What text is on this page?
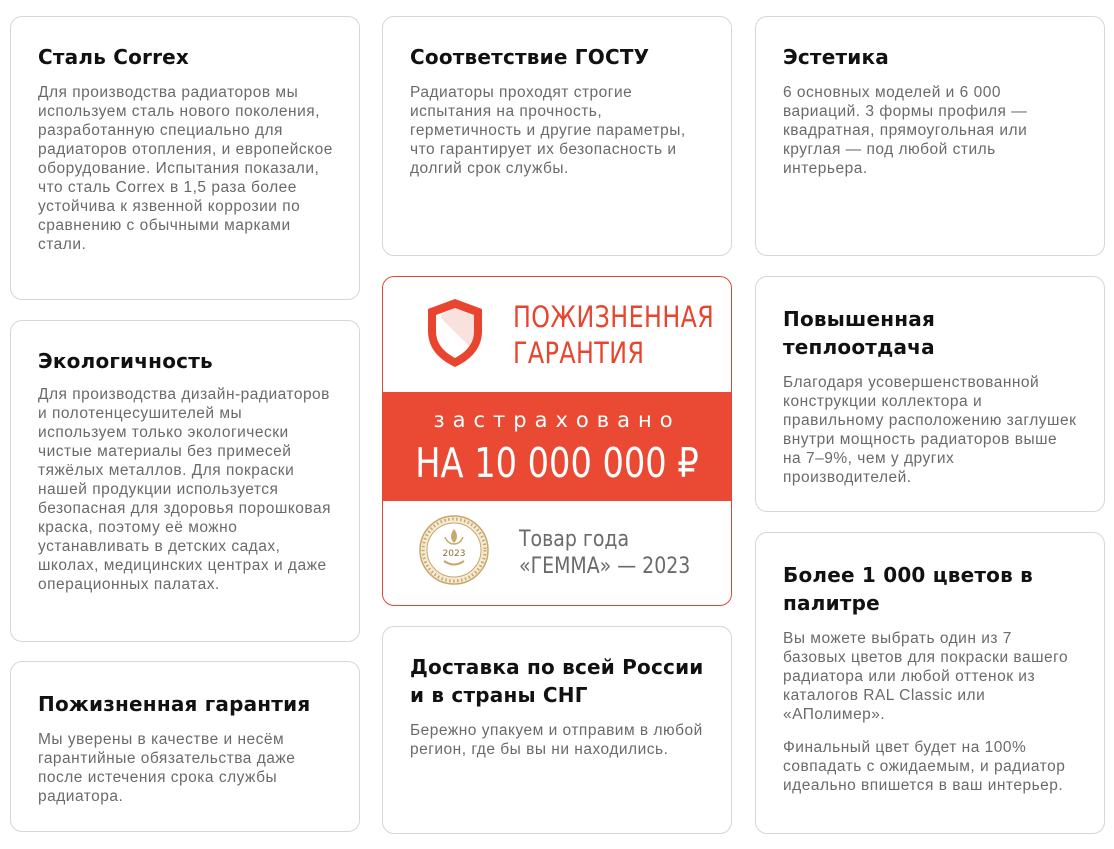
Сталь Correx

Для производства радиаторов мы используем сталь нового поколения, разработанную специально для радиаторов отопления, и европейское оборудование. Испытания показали, что сталь Correx в 1,5 раза более устойчива к язвенной коррозии по сравнению с обычными марками стали.

Соответствие ГОСТУ

Радиаторы проходят строгие испытания на прочность, герметичность и другие параметры, что гарантирует их безопасность и долгий срок службы.

Эстетика

6 основных моделей и 6 000 вариаций. 3 формы профиля — квадратная, прямоугольная или круглая — под любой стиль интерьера.

Экологичность

Для производства дизайн-радиаторов и полотенцесушителей мы используем только экологически чистые материалы без примесей тяжёлых металлов. Для покраски нашей продукции используется безопасная для здоровья порошковая краска, поэтому её можно устанавливать в детских садах, школах, медицинских центрах и даже операционных палатах.

ПОЖИЗНЕННАЯ
ГАРАНТИЯ
застраховано
НА 10 000 000 ₽
2023
Товар года
«ГЕММА» — 2023
Повышенная теплоотдача

Благодаря усовершенствованной конструкции коллектора и правильному расположению заглушек внутри мощность радиаторов выше на 7–9%, чем у других производителей.

Пожизненная гарантия

Мы уверены в качестве и несём гарантийные обязательства даже после истечения срока службы радиатора.

Доставка по всей России и в страны СНГ

Бережно упакуем и отправим в любой регион, где бы вы ни находились.

Более 1 000 цветов в палитре

Вы можете выбрать один из 7 базовых цветов для покраски вашего радиатора или любой оттенок из каталогов RAL Classic или «АПолимер».

Финальный цвет будет на 100% совпадать с ожидаемым, и радиатор идеально впишется в ваш интерьер.
